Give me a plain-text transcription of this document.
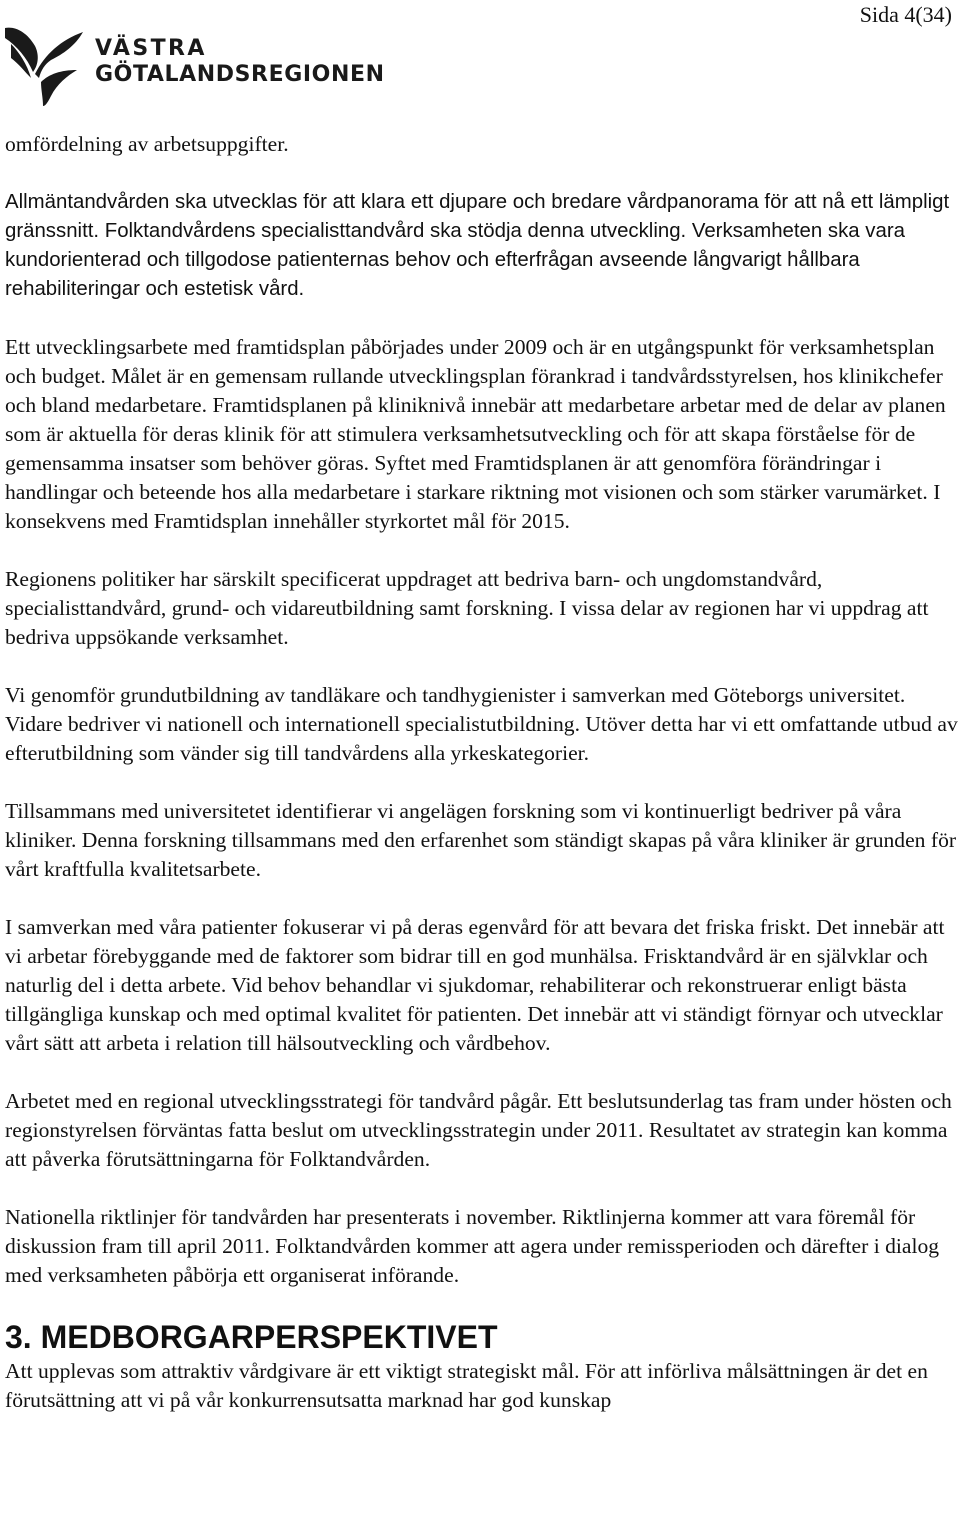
Sida 4(34)
VÄSTRA
GÖTALANDSREGIONEN

omfördelning av arbetsuppgifter.

Allmäntandvården ska utvecklas för att klara ett djupare och bredare vårdpanorama för att nå ett lämpligt gränssnitt. Folktandvårdens specialisttandvård ska stödja denna utveckling. Verksamheten ska vara kundorienterad och tillgodose patienternas behov och efterfrågan avseende långvarigt hållbara rehabiliteringar och estetisk vård.

Ett utvecklingsarbete med framtidsplan påbörjades under 2009 och är en utgångspunkt för verksamhetsplan och budget. Målet är en gemensam rullande utvecklingsplan förankrad i tandvårdsstyrelsen, hos klinikchefer och bland medarbetare. Framtidsplanen på kliniknivå innebär att medarbetare arbetar med de delar av planen som är aktuella för deras klinik för att stimulera verksamhetsutveckling och för att skapa förståelse för de gemensamma insatser som behöver göras. Syftet med Framtidsplanen är att genomföra förändringar i handlingar och beteende hos alla medarbetare i starkare riktning mot visionen och som stärker varumärket. I konsekvens med Framtidsplan innehåller styrkortet mål för 2015.

Regionens politiker har särskilt specificerat uppdraget att bedriva barn- och ungdomstandvård, specialisttandvård, grund- och vidareutbildning samt forskning. I vissa delar av regionen har vi uppdrag att bedriva uppsökande verksamhet.

Vi genomför grundutbildning av tandläkare och tandhygienister i samverkan med Göteborgs universitet. Vidare bedriver vi nationell och internationell specialistutbildning. Utöver detta har vi ett omfattande utbud av efterutbildning som vänder sig till tandvårdens alla yrkeskategorier.

Tillsammans med universitetet identifierar vi angelägen forskning som vi kontinuerligt bedriver på våra kliniker. Denna forskning tillsammans med den erfarenhet som ständigt skapas på våra kliniker är grunden för vårt kraftfulla kvalitetsarbete.

I samverkan med våra patienter fokuserar vi på deras egenvård för att bevara det friska friskt. Det innebär att vi arbetar förebyggande med de faktorer som bidrar till en god munhälsa. Frisktandvård är en självklar och naturlig del i detta arbete. Vid behov behandlar vi sjukdomar, rehabiliterar och rekonstruerar enligt bästa tillgängliga kunskap och med optimal kvalitet för patienten. Det innebär att vi ständigt förnyar och utvecklar vårt sätt att arbeta i relation till hälsoutveckling och vårdbehov.

Arbetet med en regional utvecklingsstrategi för tandvård pågår. Ett beslutsunderlag tas fram under hösten och regionstyrelsen förväntas fatta beslut om utvecklingsstrategin under 2011. Resultatet av strategin kan komma att påverka förutsättningarna för Folktandvården.

Nationella riktlinjer för tandvården har presenterats i november. Riktlinjerna kommer att vara föremål för diskussion fram till april 2011. Folktandvården kommer att agera under remissperioden och därefter i dialog med verksamheten påbörja ett organiserat införande.

3. MEDBORGARPERSPEKTIVET

Att upplevas som attraktiv vårdgivare är ett viktigt strategiskt mål. För att införliva målsättningen är det en förutsättning att vi på vår konkurrensutsatta marknad har god kunskap
